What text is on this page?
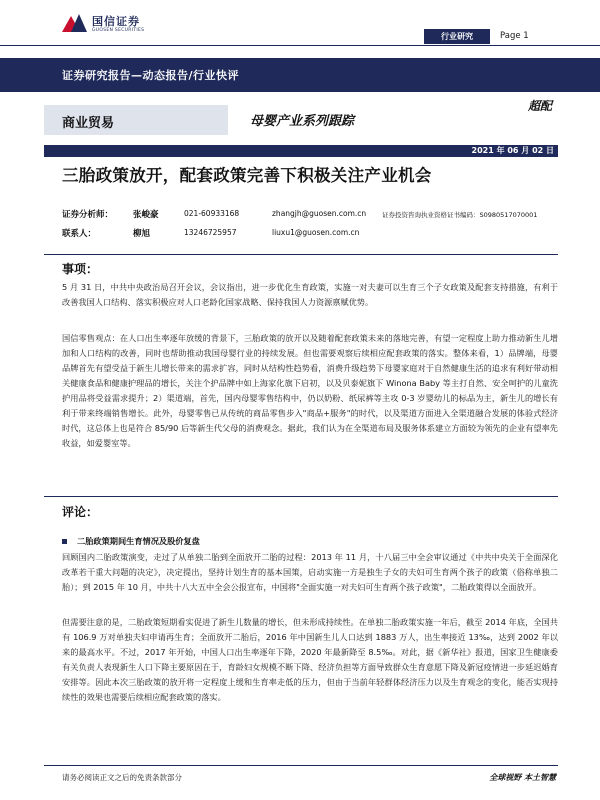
国信证券
GUOSEN SECURITIES
行业研究	Page 1
证券研究报告—动态报告/行业快评
商业贸易	母婴产业系列跟踪
超配
2021 年 06 月 02 日
三胎政策放开，配套政策完善下积极关注产业机会
证券分析师： 张峻豪	021-60933168	zhangjh@guosen.com.cn 证券投资咨询执业资格证书编码：S0980517070001
联系人：	柳旭	13246725957	liuxu1@guosen.com.cn
事项：
5 月 31 日，中共中央政治局召开会议，会议指出，进一步优化生育政策，实施一对夫妻可以生育三个子女政策及配套支持措施，有利于改善我国人口结构、落实积极应对人口老龄化国家战略、保持我国人力资源禀赋优势。
国信零售观点：在人口出生率逐年放缓的背景下，三胎政策的放开以及随着配套政策未来的落地完善，有望一定程度上助力推动新生儿增加和人口结构的改善，同时也帮助推动我国母婴行业的持续发展。但也需要观察后续相应配套政策的落实。整体来看，1）品牌端，母婴品牌首先有望受益于新生儿增长带来的需求扩容，同时从结构性趋势看，消费升级趋势下母婴家庭对于自然健康生活的追求有利好带动相关健康食品和健康护理品的增长，关注个护品牌中如上海家化旗下启初，以及贝泰妮旗下 Winona Baby 等主打自然、安全呵护的儿童洗护用品将受益需求提升；2）渠道端，首先，国内母婴零售结构中，仍以奶粉、纸尿裤等主攻 0-3 岁婴幼儿的标品为主，新生儿的增长有利于带来终端销售增长。此外，母婴零售已从传统的商品零售步入"商品+服务"的时代，以及渠道方面进入全渠道融合发展的体验式经济时代，这总体上也是符合 85/90 后等新生代父母的消费观念。据此，我们认为在全渠道布局及服务体系建立方面较为领先的企业有望率先收益，如爱婴室等。
评论：
二胎政策期间生育情况及股价复盘
回顾国内二胎政策演变，走过了从单独二胎到全面放开二胎的过程：2013 年 11 月，十八届三中全会审议通过《中共中央关于全面深化改革若干重大问题的决定》，决定提出，坚持计划生育的基本国策，启动实施一方是独生子女的夫妇可生育两个孩子的政策（俗称单独二胎）；到 2015 年 10 月，中共十八大五中全会公报宣布，中国将"全面实施一对夫妇可生育两个孩子政策"，二胎政策得以全面放开。
但需要注意的是，二胎政策短期看实促进了新生儿数量的增长，但未形成持续性。在单独二胎政策实施一年后，截至 2014 年底，全国共有 106.9 万对单独夫妇申请再生育；全面放开二胎后，2016 年中国新生儿人口达到 1883 万人，出生率接近 13‰，达到 2002 年以来的最高水平。不过，2017 年开始，中国人口出生率逐年下降，2020 年最新降至 8.5‰。对此，据《新华社》报道，国家卫生健康委有关负责人表现新生人口下降主要原因在于，育龄妇女规模不断下降、经济负担等方面导致群众生育意愿下降及新冠疫情进一步延迟婚育安排等。因此本次三胎政策的放开将一定程度上缓和生育率走低的压力，但由于当前年轻群体经济压力以及生育观念的变化，能否实现持续性的效果也需要后续相应配套政策的落实。
请务必阅读正文之后的免责条款部分	全球视野 本土智慧
